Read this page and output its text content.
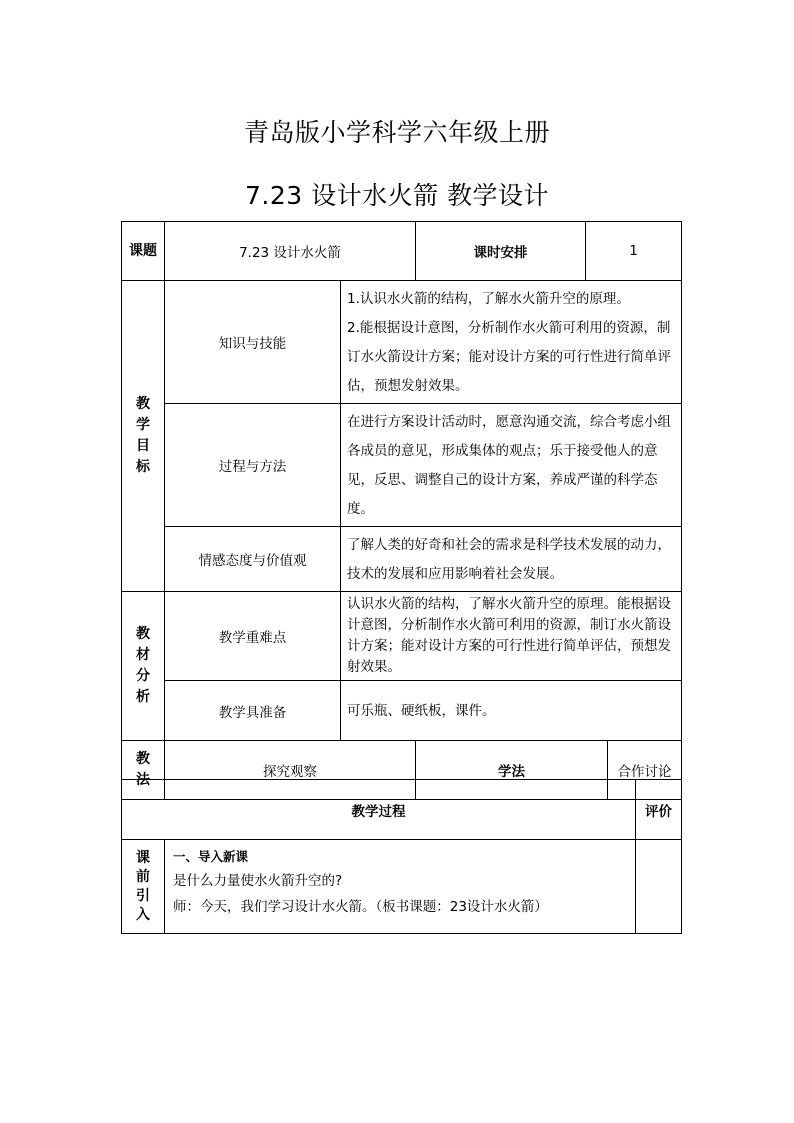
青岛版小学科学六年级上册
7.23 设计水火箭 教学设计
课题	7.23 设计水火箭		课时安排	1	

教学目标	知识与技能	1.认识水火箭的结构，了解水火箭升空的原理。

2.能根据设计意图，分析制作水火箭可利用的资源，制订水火箭设计方案；能对设计方案的可行性进行简单评估，预想发射效果。			

	过程与方法	在进行方案设计活动时，愿意沟通交流，综合考虑小组各成员的意见，形成集体的观点；乐于接受他人的意见，反思、调整自己的设计方案，养成严谨的科学态度。			

	情感态度与价值观	了解人类的好奇和社会的需求是科学技术发展的动力，技术的发展和应用影响着社会发展。			

教材分析	教学重难点	认识水火箭的结构，了解水火箭升空的原理。能根据设计意图，分析制作水火箭可利用的资源，制订水火箭设计方案；能对设计方案的可行性进行简单评估，预想发射效果。			
	教学具准备	可乐瓶、硬纸板，课件。			

教法	探究观察		学法		合作讨论
教学过程		评价

课前引入	一、导入新课

是什么力量使水火箭升空的?

师：今天，我们学习设计水火箭。（板书课题：23设计水火箭）	
